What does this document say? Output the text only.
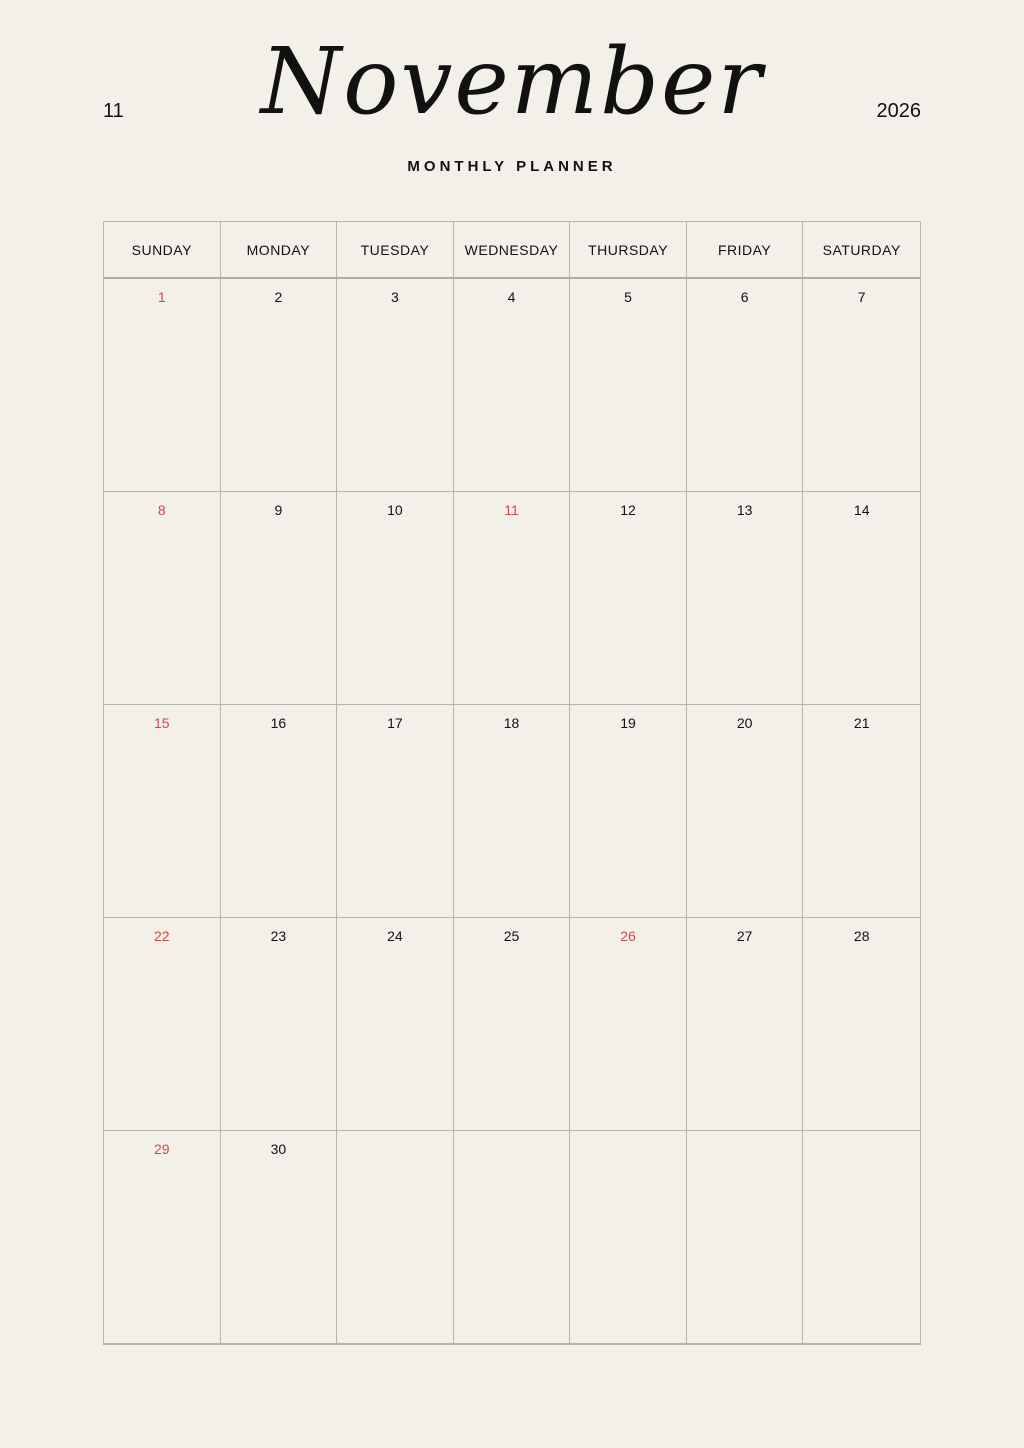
11	November	2026
MONTHLY PLANNER
SUNDAY	MONDAY	TUESDAY	WEDNESDAY	THURSDAY	FRIDAY	SATURDAY
1	2	3	4	5	6	7
8	9	10	11	12	13	14
15	16	17	18	19	20	21
22	23	24	25	26	27	28
29	30
